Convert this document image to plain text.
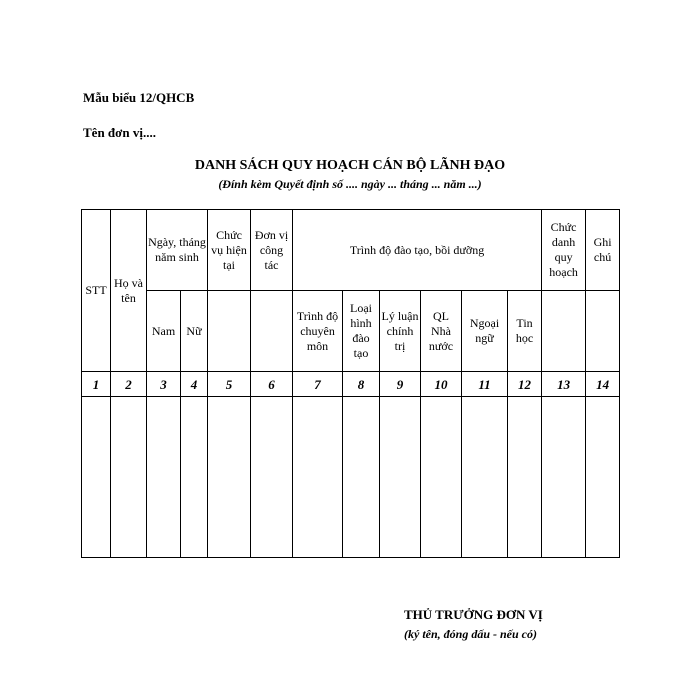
Mẫu biểu 12/QHCB
Tên đơn vị....
DANH SÁCH QUY HOẠCH CÁN BỘ LÃNH ĐẠO
(Đính kèm Quyết định số .... ngày ... tháng ... năm ...)
STT	Họ và tên	Ngày, tháng năm sinh		Chức vụ hiện tại	Đơn vị công tác	Trình độ đào tạo, bồi dưỡng						Chức danh quy hoạch	Ghi chú
		Nam	Nữ			Trình độ chuyên môn	Loại hình đào tạo	Lý luận chính trị	QL Nhà nước	Ngoại ngữ	Tin học		
1	2	3	4	5	6	7	8	9	10	11	12	13	14

THỦ TRƯỞNG ĐƠN VỊ
(ký tên, đóng dấu - nếu có)
